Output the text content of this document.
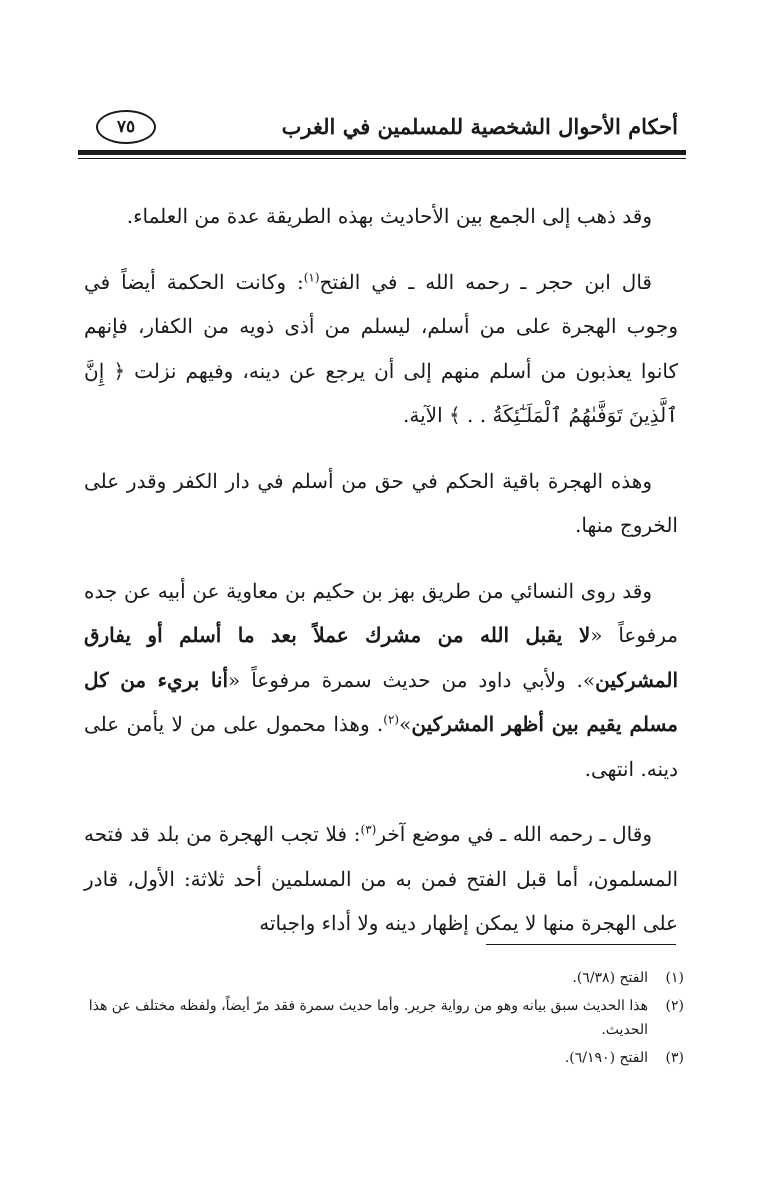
أحكام الأحوال الشخصية للمسلمين في الغرب
٧٥

وقد ذهب إلى الجمع بين الأحاديث بهذه الطريقة عدة من العلماء.

قال ابن حجر ـ رحمه الله ـ في الفتح$^{(١)}$: وكانت الحكمة أيضاً في وجوب الهجرة على من أسلم، ليسلم من أذى ذويه من الكفار، فإنهم كانوا يعذبون من أسلم منهم إلى أن يرجع عن دينه، وفيهم نزلت ﴿ إِنَّ ٱلَّذِينَ تَوَفَّىٰهُمُ ٱلْمَلَـٰٓئِكَةُ . . ﴾ الآية.

وهذه الهجرة باقية الحكم في حق من أسلم في دار الكفر وقدر على الخروج منها.

وقد روى النسائي من طريق بهز بن حكيم بن معاوية عن أبيه عن جده مرفوعاً «لا يقبل الله من مشرك عملاً بعد ما أسلم أو يفارق المشركين». ولأبي داود من حديث سمرة مرفوعاً «أنا بريء من كل مسلم يقيم بين أظهر المشركين»$^{(٢)}$. وهذا محمول على من لا يأمن على دينه. انتهى.

وقال ـ رحمه الله ـ في موضع آخر$^{(٣)}$: فلا تجب الهجرة من بلد قد فتحه المسلمون، أما قبل الفتح فمن به من المسلمين أحد ثلاثة: الأول، قادر على الهجرة منها لا يمكن إظهار دينه ولا أداء واجباته

(١)
الفتح (٦/٣٨).
(٢)
هذا الحديث سبق بيانه وهو من رواية جرير. وأما حديث سمرة فقد مرّ أيضاً، ولفظه مختلف عن هذا الحديث.
(٣)
الفتح (٦/١٩٠).
